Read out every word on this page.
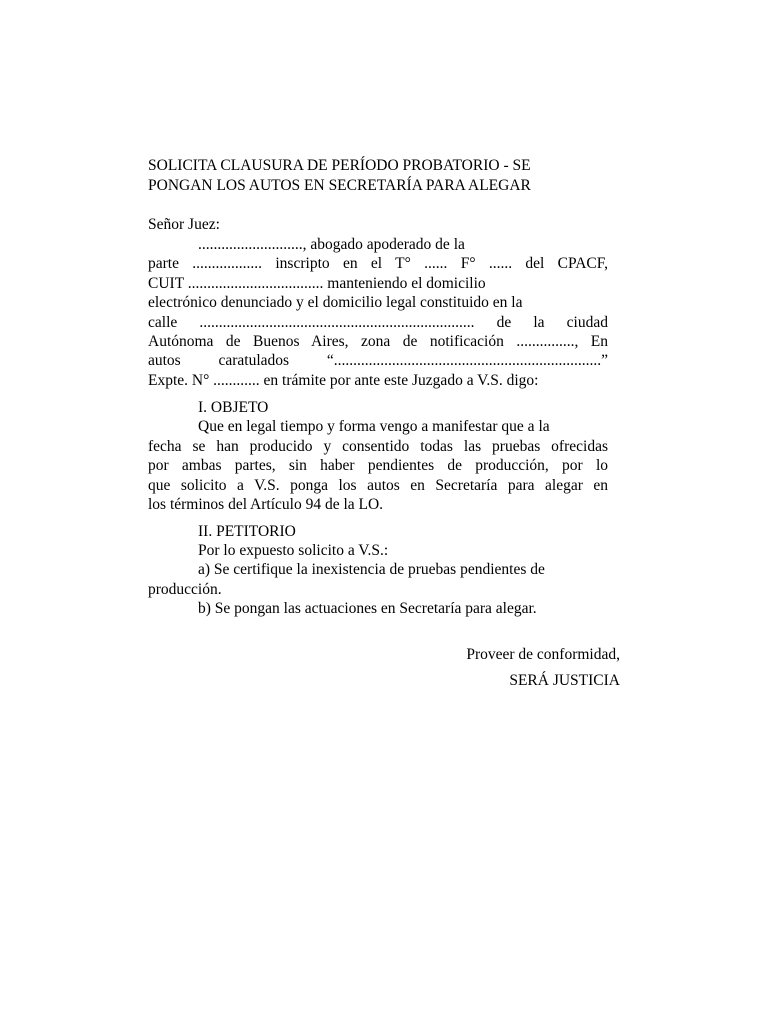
SOLICITA CLAUSURA DE PERÍODO PROBATORIO - SE
PONGAN LOS AUTOS EN SECRETARÍA PARA ALEGAR
Señor Juez:
..........................., abogado apoderado de la
parte .................. inscripto en el T° ...... F° ...... del CPACF,
CUIT ................................... manteniendo el domicilio
electrónico denunciado y el domicilio legal constituido en la
calle ....................................................................... de la ciudad
Autónoma de Buenos Aires, zona de notificación ..............., En
autos caratulados “.....................................................................”
Expte. N° ............ en trámite por ante este Juzgado a V.S. digo:
I. OBJETO
Que en legal tiempo y forma vengo a manifestar que a la
fecha se han producido y consentido todas las pruebas ofrecidas
por ambas partes, sin haber pendientes de producción, por lo
que solicito a V.S. ponga los autos en Secretaría para alegar en
los términos del Artículo 94 de la LO.
II. PETITORIO
Por lo expuesto solicito a V.S.:
a) Se certifique la inexistencia de pruebas pendientes de
producción.
b) Se pongan las actuaciones en Secretaría para alegar.
Proveer de conformidad,
SERÁ JUSTICIA
